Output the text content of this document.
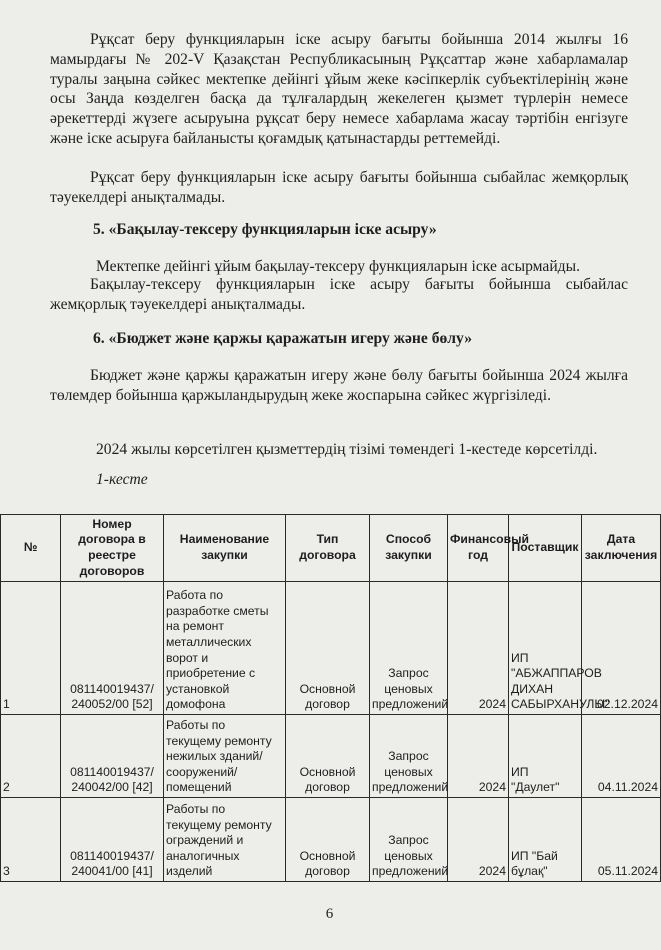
Рұқсат беру функцияларын іске асыру бағыты бойынша 2014 жылғы 16 мамырдағы № 202-V Қазақстан Республикасының Рұқсаттар және хабарламалар туралы заңына сәйкес мектепке дейінгі ұйым жеке кәсіпкерлік субъектілерінің және осы Заңда көзделген басқа да тұлғалардың жекелеген қызмет түрлерін немесе әрекеттерді жүзеге асыруына рұқсат беру немесе хабарлама жасау тәртібін енгізуге және іске асыруға байланысты қоғамдық қатынастарды реттемейді.

Рұқсат беру функцияларын іске асыру бағыты бойынша сыбайлас жемқорлық тәуекелдері анықталмады.

5. «Бақылау-тексеру функцияларын іске асыру»

Мектепке дейінгі ұйым бақылау-тексеру функцияларын іске асырмайды.

Бақылау-тексеру функцияларын іске асыру бағыты бойынша сыбайлас жемқорлық тәуекелдері анықталмады.

6. «Бюджет және қаржы қаражатын игеру және бөлу»

Бюджет және қаржы қаражатын игеру және бөлу бағыты бойынша 2024 жылға төлемдер бойынша қаржыландырудың жеке жоспарына сәйкес жүргізіледі.

2024 жылы көрсетілген қызметтердің тізімі төмендегі 1-кестеде көрсетілді.

1-кесте

№	Номер договора в реестре договоров	Наименование закупки	Тип договора	Способ закупки	Финансовый год	Поставщик	Дата заключения
1	081140019437/ 240052/00 [52]	Работа по разработке сметы на ремонт металлических ворот и приобретение с установкой домофона	Основной договор	Запрос ценовых предложений	2024	ИП "АБЖАППАРОВ ДИХАН САБЫРХАНУЛЫ"	02.12.2024
2	081140019437/ 240042/00 [42]	Работы по текущему ремонту нежилых зданий/сооружений/помещений	Основной договор	Запрос ценовых предложений	2024	ИП "Даулет"	04.11.2024
3	081140019437/ 240041/00 [41]	Работы по текущему ремонту ограждений и аналогичных изделий	Основной договор	Запрос ценовых предложений	2024	ИП "Бай бұлақ"	05.11.2024
6
